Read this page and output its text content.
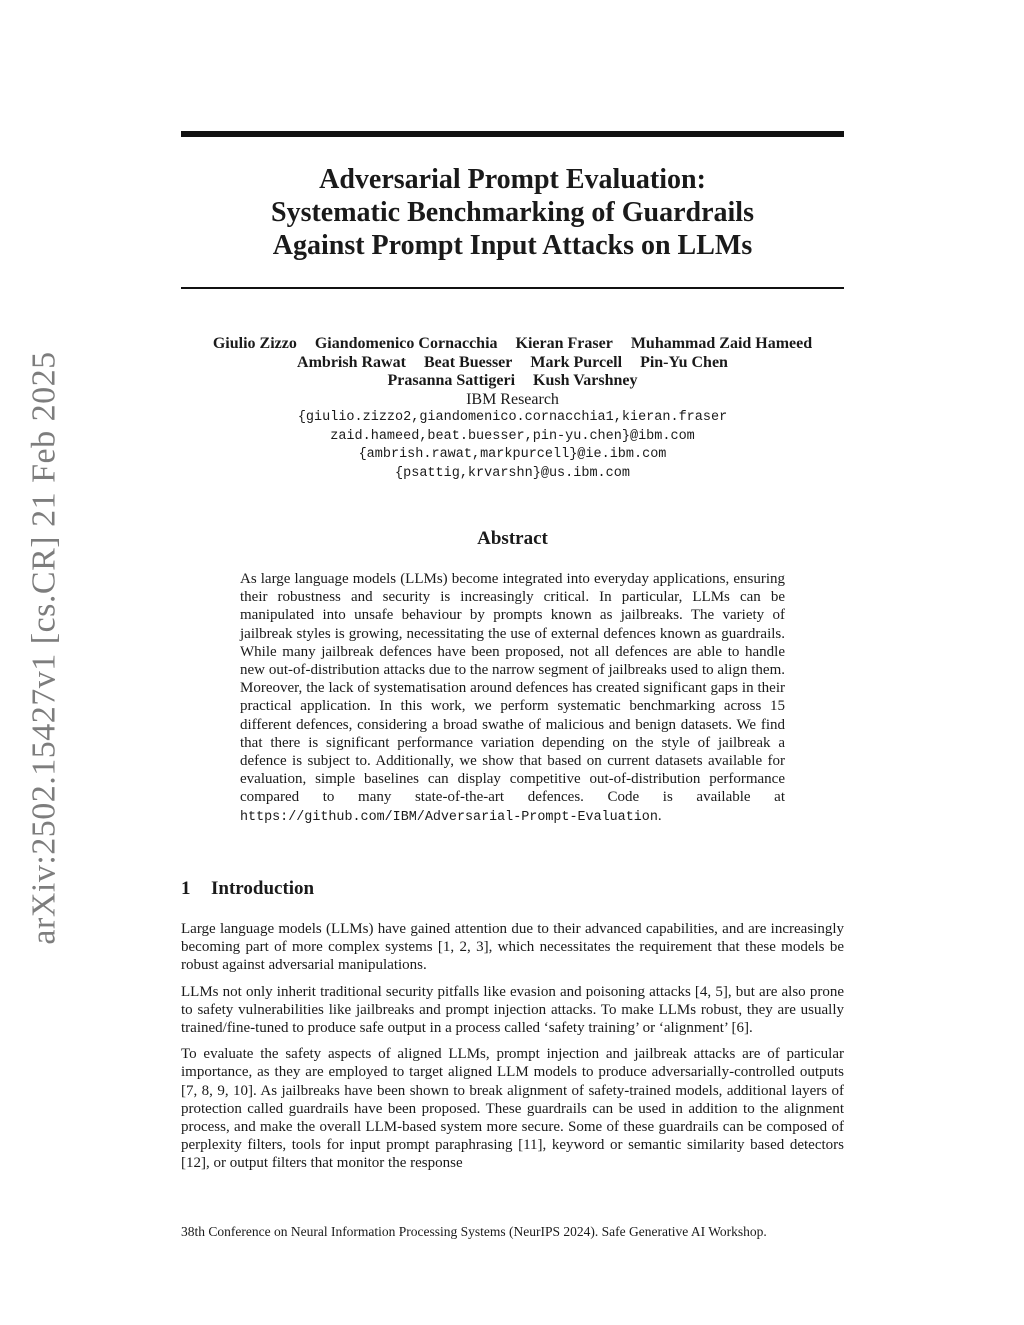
arXiv:2502.15427v1 [cs.CR] 21 Feb 2025
Adversarial Prompt Evaluation:
Systematic Benchmarking of Guardrails
Against Prompt Input Attacks on LLMs
Giulio Zizzo Giandomenico Cornacchia Kieran Fraser Muhammad Zaid Hameed
Ambrish Rawat Beat Buesser Mark Purcell Pin-Yu Chen
Prasanna Sattigeri Kush Varshney
IBM Research
{giulio.zizzo2,giandomenico.cornacchia1,kieran.fraser
zaid.hameed,beat.buesser,pin-yu.chen}@ibm.com
{ambrish.rawat,markpurcell}@ie.ibm.com
{psattig,krvarshn}@us.ibm.com
Abstract

As large language models (LLMs) become integrated into everyday applications, ensuring their robustness and security is increasingly critical. In particular, LLMs can be manipulated into unsafe behaviour by prompts known as jailbreaks. The variety of jailbreak styles is growing, necessitating the use of external defences known as guardrails. While many jailbreak defences have been proposed, not all defences are able to handle new out-of-distribution attacks due to the narrow segment of jailbreaks used to align them. Moreover, the lack of systematisation around defences has created significant gaps in their practical application. In this work, we perform systematic benchmarking across 15 different defences, considering a broad swathe of malicious and benign datasets. We find that there is significant performance variation depending on the style of jailbreak a defence is subject to. Additionally, we show that based on current datasets available for evaluation, simple baselines can display competitive out-of-distribution performance compared to many state-of-the-art defences. Code is available at https://github.com/IBM/Adversarial-Prompt-Evaluation.

1 Introduction

Large language models (LLMs) have gained attention due to their advanced capabilities, and are increasingly becoming part of more complex systems [1, 2, 3], which necessitates the requirement that these models be robust against adversarial manipulations.

LLMs not only inherit traditional security pitfalls like evasion and poisoning attacks [4, 5], but are also prone to safety vulnerabilities like jailbreaks and prompt injection attacks. To make LLMs robust, they are usually trained/fine-tuned to produce safe output in a process called ‘safety training’ or ‘alignment’ [6].

To evaluate the safety aspects of aligned LLMs, prompt injection and jailbreak attacks are of particular importance, as they are employed to target aligned LLM models to produce adversarially-controlled outputs [7, 8, 9, 10]. As jailbreaks have been shown to break alignment of safety-trained models, additional layers of protection called guardrails have been proposed. These guardrails can be used in addition to the alignment process, and make the overall LLM-based system more secure. Some of these guardrails can be composed of perplexity filters, tools for input prompt paraphrasing [11], keyword or semantic similarity based detectors [12], or output filters that monitor the response

38th Conference on Neural Information Processing Systems (NeurIPS 2024). Safe Generative AI Workshop.
